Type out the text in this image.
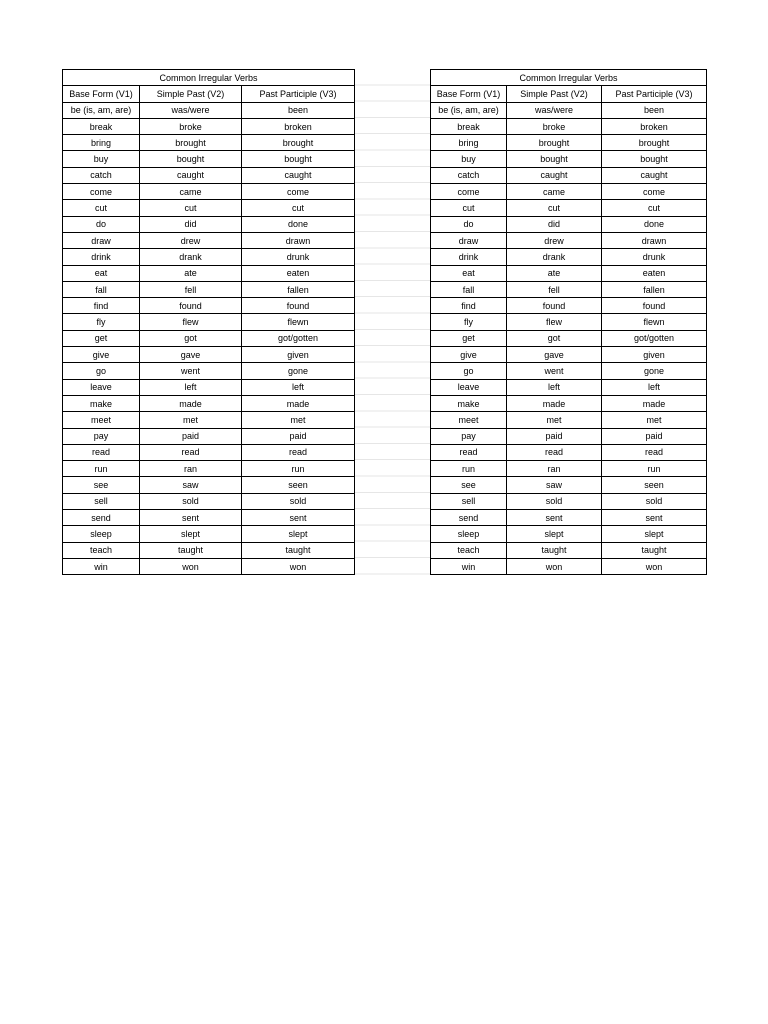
Common Irregular Verbs		
Base Form (V1)	Simple Past (V2)	Past Participle (V3)
be (is, am, are)	was/were	been
break	broke	broken
bring	brought	brought
buy	bought	bought
catch	caught	caught
come	came	come
cut	cut	cut
do	did	done
draw	drew	drawn
drink	drank	drunk
eat	ate	eaten
fall	fell	fallen
find	found	found
fly	flew	flewn
get	got	got/gotten
give	gave	given
go	went	gone
leave	left	left
make	made	made
meet	met	met
pay	paid	paid
read	read	read
run	ran	run
see	saw	seen
sell	sold	sold
send	sent	sent
sleep	slept	slept
teach	taught	taught
win	won	won
Common Irregular Verbs		
Base Form (V1)	Simple Past (V2)	Past Participle (V3)
be (is, am, are)	was/were	been
break	broke	broken
bring	brought	brought
buy	bought	bought
catch	caught	caught
come	came	come
cut	cut	cut
do	did	done
draw	drew	drawn
drink	drank	drunk
eat	ate	eaten
fall	fell	fallen
find	found	found
fly	flew	flewn
get	got	got/gotten
give	gave	given
go	went	gone
leave	left	left
make	made	made
meet	met	met
pay	paid	paid
read	read	read
run	ran	run
see	saw	seen
sell	sold	sold
send	sent	sent
sleep	slept	slept
teach	taught	taught
win	won	won
